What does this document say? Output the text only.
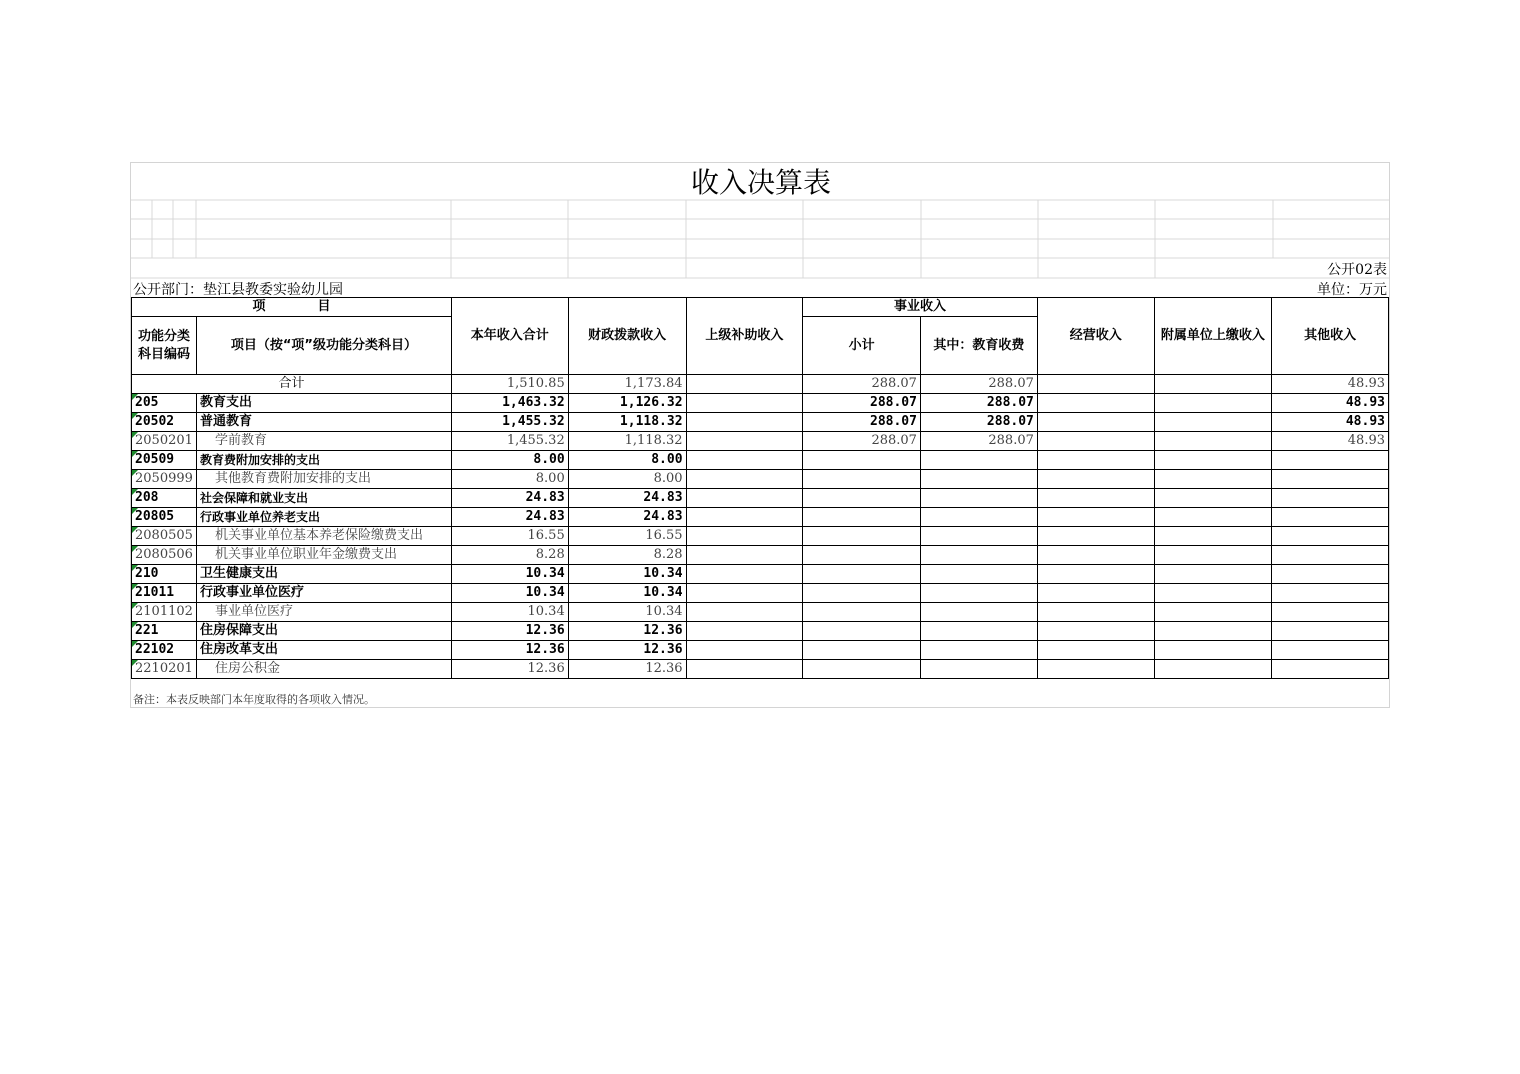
收入决算表
公开02表
公开部门：垫江县教委实验幼儿园	单位：万元
项　　　　目		本年收入合计	财政拨款收入	上级补助收入	事业收入		经营收入	附属单位上缴收入	其他收入
功能分类科目编码	项目（按“项”级功能分类科目）				小计	其中：教育收费			

合计		1,510.85	1,173.84		288.07	288.07			48.93

205	教育支出	1,463.32	1,126.32		288.07	288.07			48.93

20502	普通教育	1,455.32	1,118.32		288.07	288.07			48.93

2050201	学前教育	1,455.32	1,118.32		288.07	288.07			48.93

20509	教育费附加安排的支出	8.00	8.00						

2050999	其他教育费附加安排的支出	8.00	8.00						

208	社会保障和就业支出	24.83	24.83						

20805	行政事业单位养老支出	24.83	24.83						

2080505	机关事业单位基本养老保险缴费支出	16.55	16.55						

2080506	机关事业单位职业年金缴费支出	8.28	8.28						

210	卫生健康支出	10.34	10.34						

21011	行政事业单位医疗	10.34	10.34						

2101102	事业单位医疗	10.34	10.34						

221	住房保障支出	12.36	12.36						

22102	住房改革支出	12.36	12.36						

2210201	住房公积金	12.36	12.36						
备注：本表反映部门本年度取得的各项收入情况。
